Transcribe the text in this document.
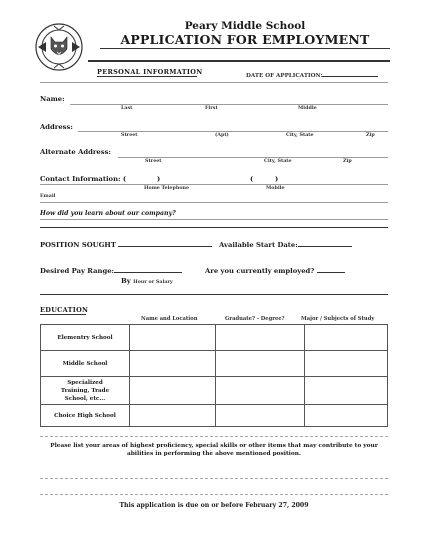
Peary Middle School
APPLICATION FOR EMPLOYMENT
PERSONAL INFORMATION	DATE OF APPLICATION:
Name:
Last	First	Middle
Address:
Street	(Apt)	City, State	Zip
Alternate Address:
Street	City, State	Zip
Contact Information: (	)	(	)
Home Telephone	Mobile
Email
How did you learn about our company?
POSITION SOUGHT	Available Start Date:
Desired Pay Range:	Are you currently employed?
By Hour or Salary
EDUCATION
Name and Location	Graduate? - Degree?	Major / Subjects of Study
Elementry School			
Middle School			
Specialized Training, Trade School, etc...			
Choice High School			
Please list your areas of highest proficiency, special skills or other items that may contribute to your abilities in performing the above mentioned position.
This application is due on or before February 27, 2009
